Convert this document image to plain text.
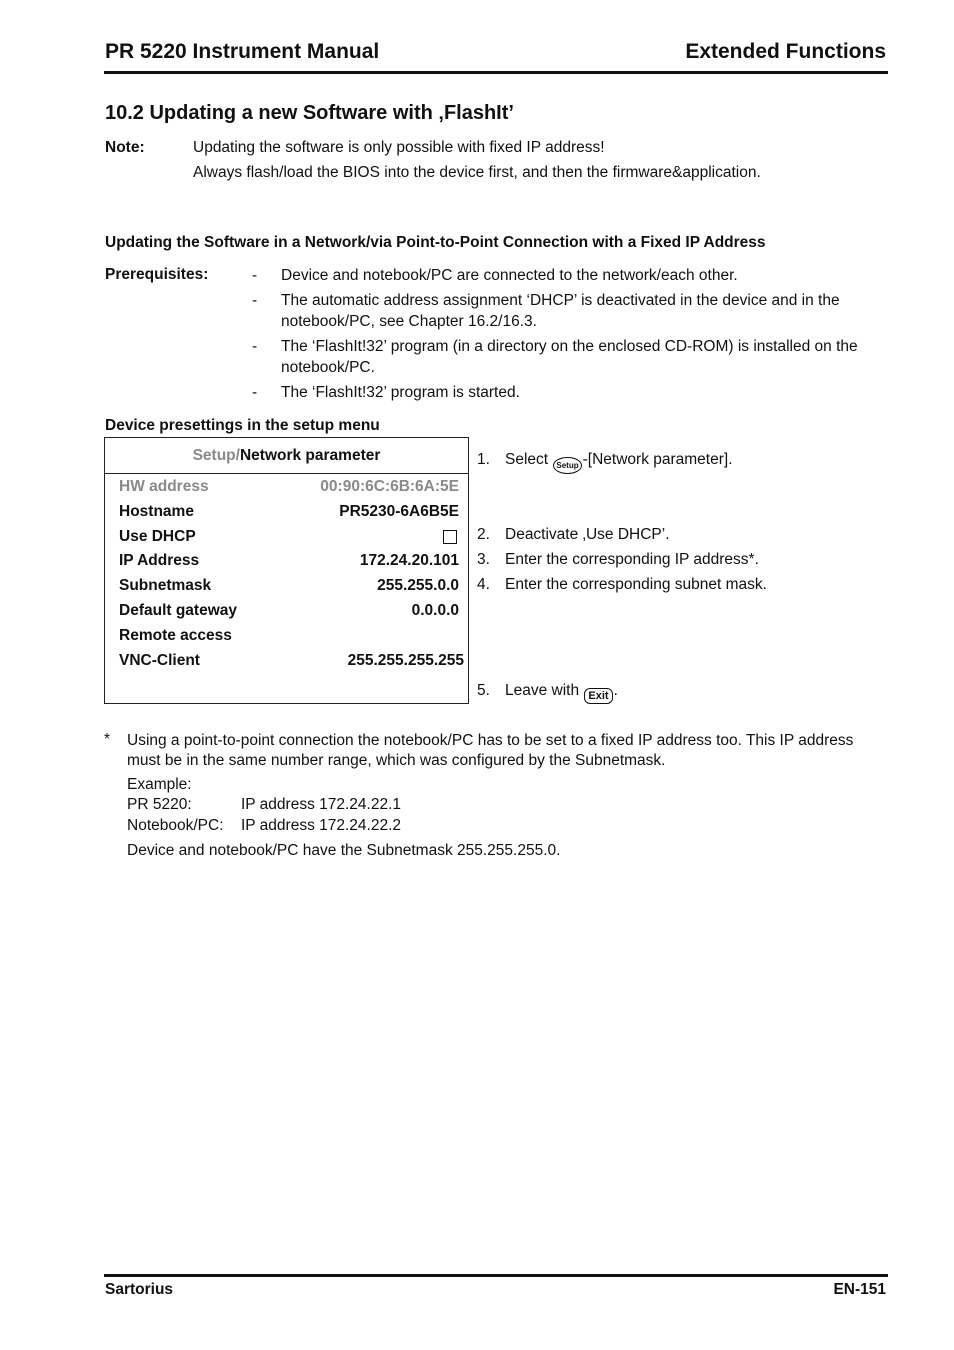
PR 5220 Instrument Manual	Extended Functions
10.2 Updating a new Software with ‚FlashIt’
Note:	Updating the software is only possible with fixed IP address!
Always flash/load the BIOS into the device first, and then the firmware&application.
Updating the Software in a Network/via Point-to-Point Connection with a Fixed IP Address
Prerequisites:	- Device and notebook/PC are connected to the network/each other.
- The automatic address assignment ‘DHCP’ is deactivated in the device and in the notebook/PC, see Chapter 16.2/16.3.
- The ‘FlashIt!32’ program (in a directory on the enclosed CD-ROM) is installed on the notebook/PC.
- The ‘FlashIt!32’ program is started.
Device presettings in the setup menu
Setup/Network parameter
HW address	00:90:6C:6B:6A:5E
Hostname	PR5230-6A6B5E
Use DHCP
IP Address	172.24.20.101
Subnetmask	255.255.0.0
Default gateway	0.0.0.0
Remote access
VNC-Client	255.255.255.255
1. Select Setup -[Network parameter].
2. Deactivate ‚Use DHCP’.
3. Enter the corresponding IP address*.
4. Enter the corresponding subnet mask.
5. Leave with Exit .
* Using a point-to-point connection the notebook/PC has to be set to a fixed IP address too. This IP address must be in the same number range, which was configured by the Subnetmask.
Example:
PR 5220:	IP address 172.24.22.1
Notebook/PC: IP address 172.24.22.2
Device and notebook/PC have the Subnetmask 255.255.255.0.
Sartorius	EN-151
